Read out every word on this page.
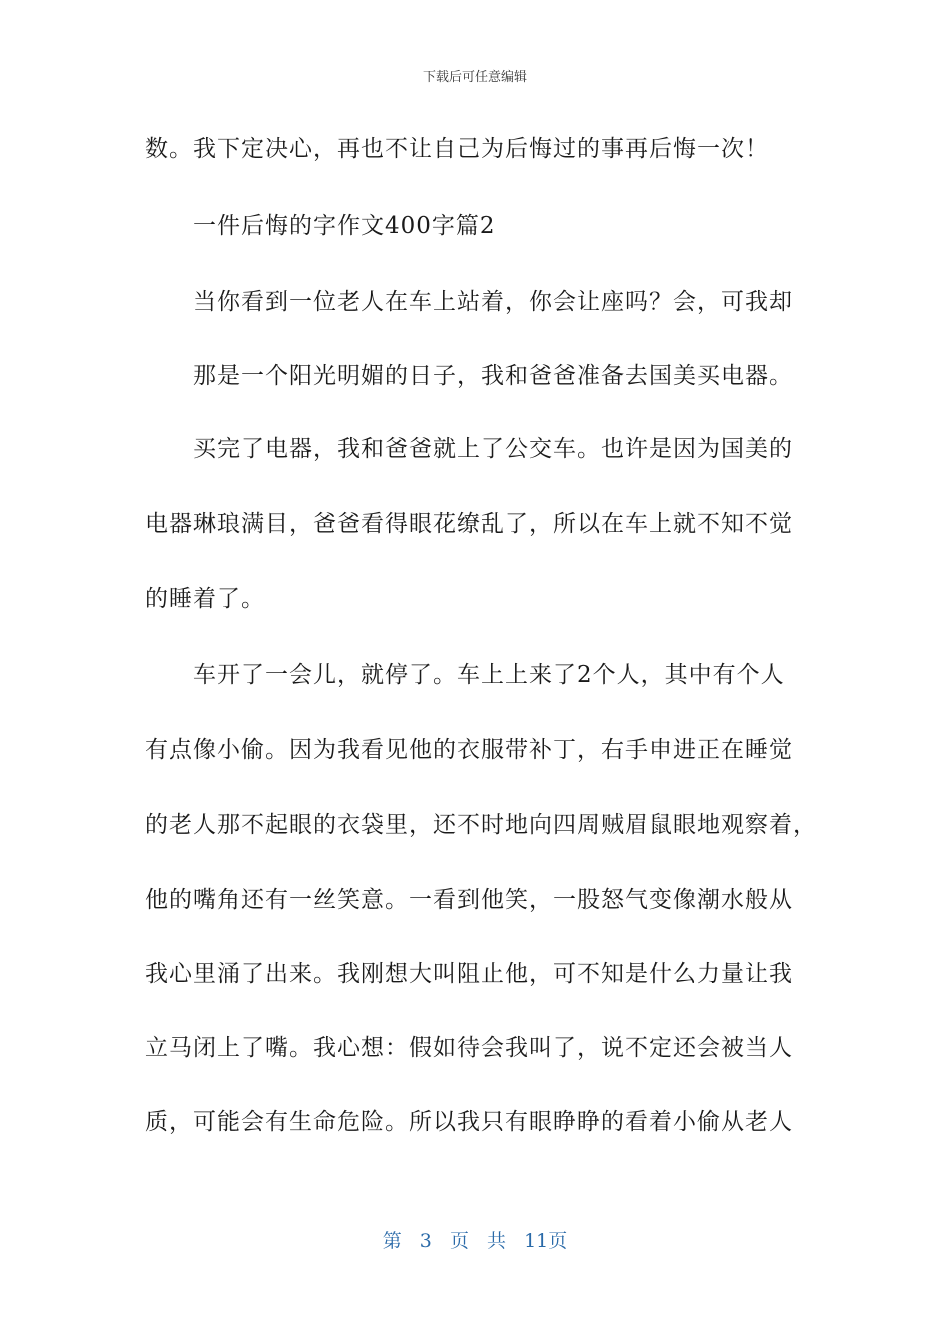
下载后可任意编辑
数。我下定决心，再也不让自己为后悔过的事再后悔一次！
一件后悔的字作文400字篇2
当你看到一位老人在车上站着，你会让座吗？会，可我却
那是一个阳光明媚的日子，我和爸爸准备去国美买电器。
买完了电器，我和爸爸就上了公交车。也许是因为国美的
电器琳琅满目，爸爸看得眼花缭乱了，所以在车上就不知不觉
的睡着了。
车开了一会儿，就停了。车上上来了2个人，其中有个人
有点像小偷。因为我看见他的衣服带补丁，右手申进正在睡觉
的老人那不起眼的衣袋里，还不时地向四周贼眉鼠眼地观察着，
他的嘴角还有一丝笑意。一看到他笑，一股怒气变像潮水般从
我心里涌了出来。我刚想大叫阻止他，可不知是什么力量让我
立马闭上了嘴。我心想：假如待会我叫了，说不定还会被当人
质，可能会有生命危险。所以我只有眼睁睁的看着小偷从老人
第 3 页 共 11页
